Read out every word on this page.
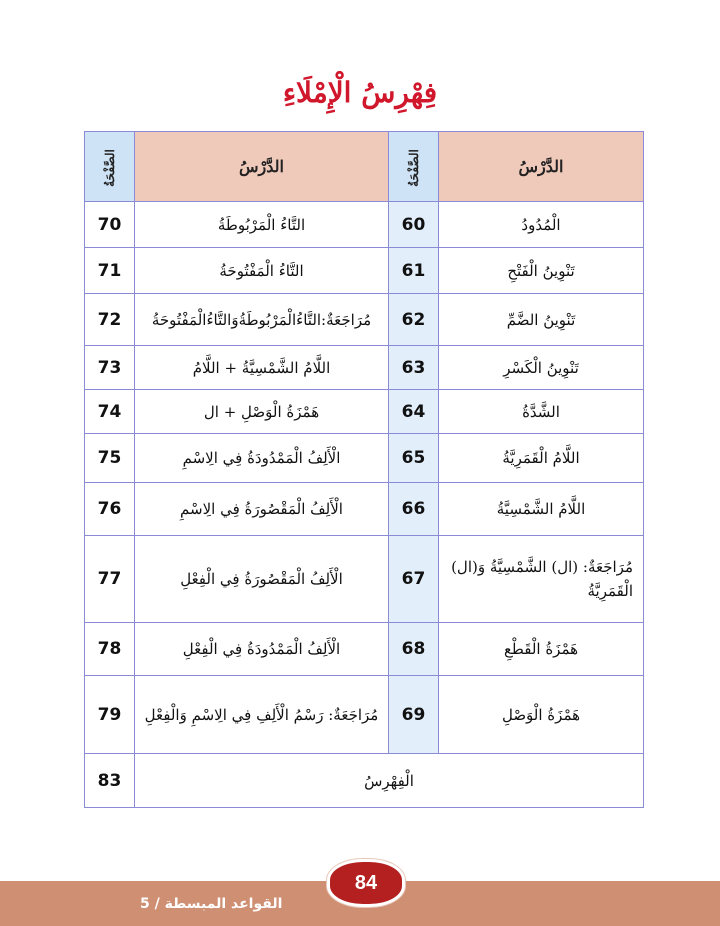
فِهْرِسُ الْإِمْلَاءِ
الصَّفْحَةُ	الدَّرْسُ	الصَّفْحَةُ	الدَّرْسُ
70	التَّاءُ الْمَرْبُوطَةُ	60	الْمُدُودُ
71	التَّاءُ الْمَفْتُوحَةُ	61	تَنْوِينُ الْفَتْحِ
72	مُرَاجَعَةٌ:التَّاءُالْمَرْبُوطَةُوَالتَّاءُالْمَفْتُوحَةُ	62	تَنْوِينُ الضَّمِّ
73	اللَّامُ الشَّمْسِيَّةُ + اللَّامُ	63	تَنْوِينُ الْكَسْرِ
74	هَمْزَةُ الْوَصْلِ + ال	64	الشَّدَّةُ
75	الْأَلِفُ الْمَمْدُودَةُ فِي الِاسْمِ	65	اللَّامُ الْقَمَرِيَّةُ
76	الْأَلِفُ الْمَقْصُورَةُ فِي الِاسْمِ	66	اللَّامُ الشَّمْسِيَّةُ
77	الْأَلِفُ الْمَقْصُورَةُ فِي الْفِعْلِ	67	مُرَاجَعَةٌ: (ال) الشَّمْسِيَّةُ وَ(ال) الْقَمَرِيَّةُ
78	الْأَلِفُ الْمَمْدُودَةُ فِي الْفِعْلِ	68	هَمْزَةُ الْقَطْعِ
79	مُرَاجَعَةٌ: رَسْمُ الْأَلِفِ فِي الِاسْمِ وَالْفِعْلِ	69	هَمْزَةُ الْوَصْلِ
83	الْفِهْرِسُ		
القواعد المبسطة / 5
84
